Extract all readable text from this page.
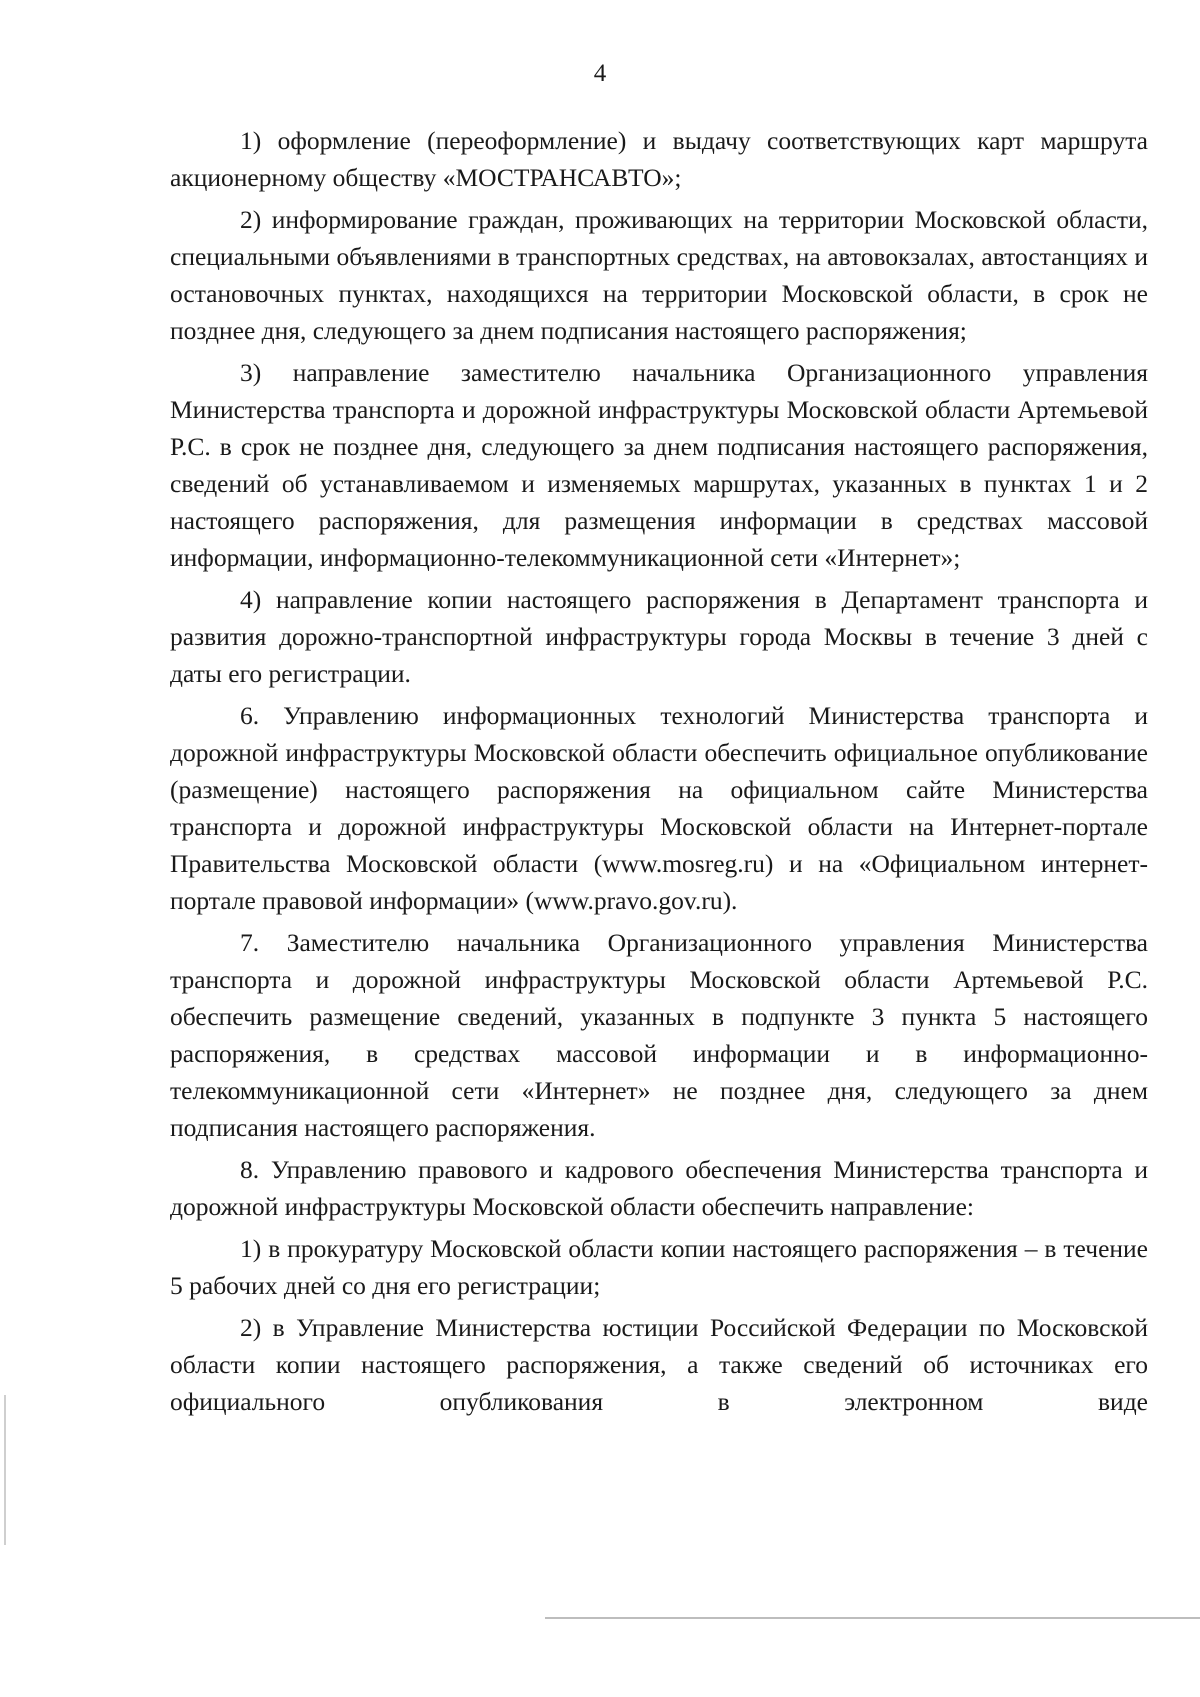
4

1) оформление (переоформление) и выдачу соответствующих карт маршрута акционерному обществу «МОСТРАНСАВТО»;

2) информирование граждан, проживающих на территории Московской области, специальными объявлениями в транспортных средствах, на автовокзалах, автостанциях и остановочных пунктах, находящихся на территории Московской области, в срок не позднее дня, следующего за днем подписания настоящего распоряжения;

3) направление заместителю начальника Организационного управления Министерства транспорта и дорожной инфраструктуры Московской области Артемьевой Р.С. в срок не позднее дня, следующего за днем подписания настоящего распоряжения, сведений об устанавливаемом и изменяемых маршрутах, указанных в пунктах 1 и 2 настоящего распоряжения, для размещения информации в средствах массовой информации, информационно-телекоммуникационной сети «Интернет»;

4) направление копии настоящего распоряжения в Департамент транспорта и развития дорожно-транспортной инфраструктуры города Москвы в течение 3 дней с даты его регистрации.

6. Управлению информационных технологий Министерства транспорта и дорожной инфраструктуры Московской области обеспечить официальное опубликование (размещение) настоящего распоряжения на официальном сайте Министерства транспорта и дорожной инфраструктуры Московской области на Интернет-портале Правительства Московской области (www.mosreg.ru) и на «Официальном интернет-портале правовой информации» (www.pravo.gov.ru).

7. Заместителю начальника Организационного управления Министерства транспорта и дорожной инфраструктуры Московской области Артемьевой Р.С. обеспечить размещение сведений, указанных в подпункте 3 пункта 5 настоящего распоряжения, в средствах массовой информации и в информационно-телекоммуникационной сети «Интернет» не позднее дня, следующего за днем подписания настоящего распоряжения.

8. Управлению правового и кадрового обеспечения Министерства транспорта и дорожной инфраструктуры Московской области обеспечить направление:

1) в прокуратуру Московской области копии настоящего распоряжения – в течение 5 рабочих дней со дня его регистрации;

2) в Управление Министерства юстиции Российской Федерации по Московской области копии настоящего распоряжения, а также сведений об источниках его официального опубликования в электронном виде
